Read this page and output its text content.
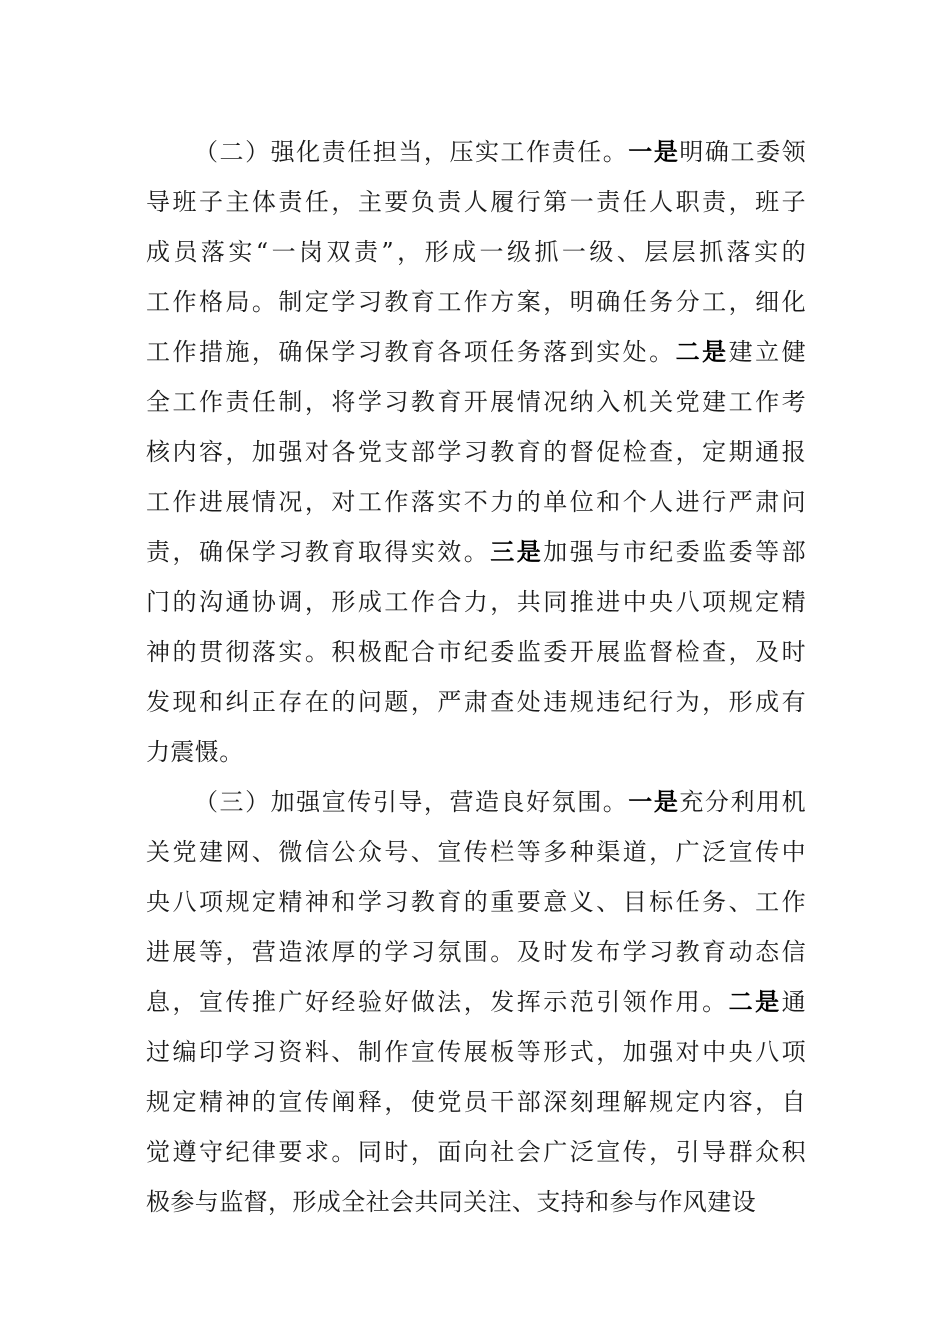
（二）强化责任担当，压实工作责任。一是明确工委领
导班子主体责任，主要负责人履行第一责任人职责，班子
成员落实“一岗双责”，形成一级抓一级、层层抓落实的
工作格局。制定学习教育工作方案，明确任务分工，细化
工作措施，确保学习教育各项任务落到实处。二是建立健
全工作责任制，将学习教育开展情况纳入机关党建工作考
核内容，加强对各党支部学习教育的督促检查，定期通报
工作进展情况，对工作落实不力的单位和个人进行严肃问
责，确保学习教育取得实效。三是加强与市纪委监委等部
门的沟通协调，形成工作合力，共同推进中央八项规定精
神的贯彻落实。积极配合市纪委监委开展监督检查，及时
发现和纠正存在的问题，严肃查处违规违纪行为，形成有
力震慑。
（三）加强宣传引导，营造良好氛围。一是充分利用机
关党建网、微信公众号、宣传栏等多种渠道，广泛宣传中
央八项规定精神和学习教育的重要意义、目标任务、工作
进展等，营造浓厚的学习氛围。及时发布学习教育动态信
息，宣传推广好经验好做法，发挥示范引领作用。二是通
过编印学习资料、制作宣传展板等形式，加强对中央八项
规定精神的宣传阐释，使党员干部深刻理解规定内容，自
觉遵守纪律要求。同时，面向社会广泛宣传，引导群众积
极参与监督，形成全社会共同关注、支持和参与作风建设
